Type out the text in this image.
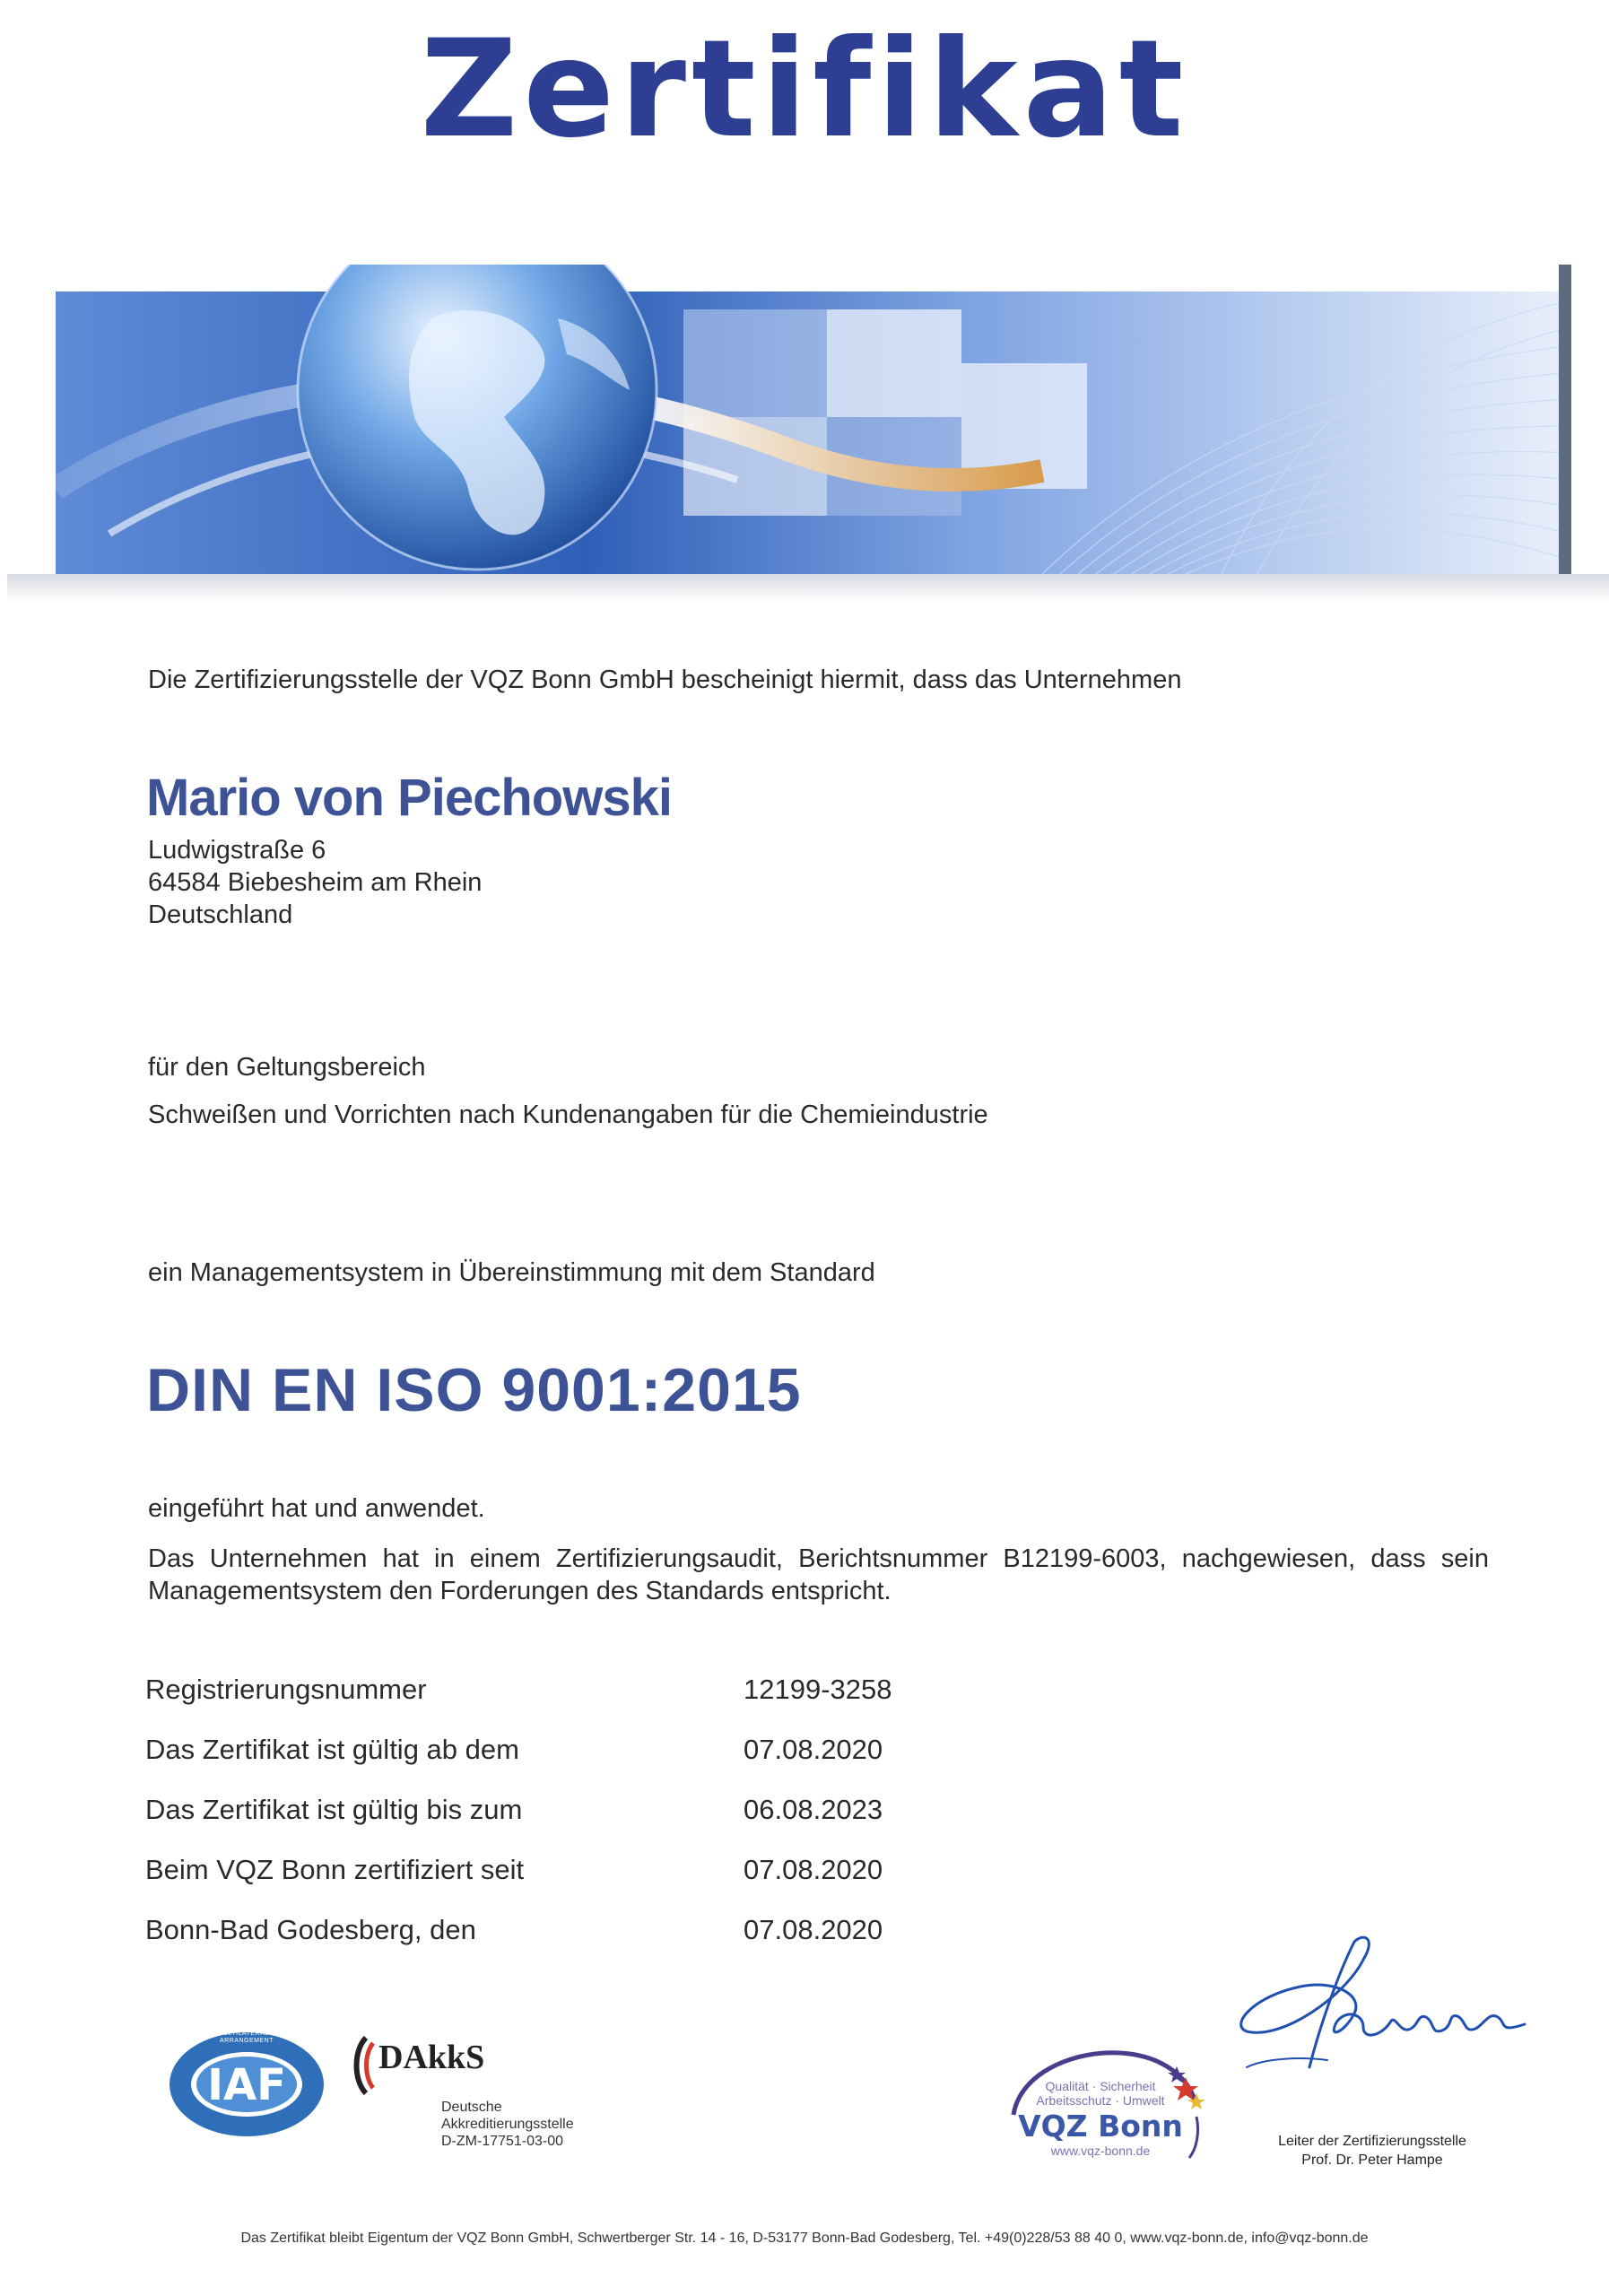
Zertifikat
Die Zertifizierungsstelle der VQZ Bonn GmbH bescheinigt hiermit, dass das Unternehmen
Mario von Piechowski
Ludwigstraße 6
64584 Biebesheim am Rhein
Deutschland
für den Geltungsbereich
Schweißen und Vorrichten nach Kundenangaben für die Chemieindustrie
ein Managementsystem in Übereinstimmung mit dem Standard
DIN EN ISO 9001:2015
eingeführt hat und anwendet.
Das Unternehmen hat in einem Zertifizierungsaudit, Berichtsnummer B12199-6003, nachgewiesen, dass sein Managementsystem den Forderungen des Standards entspricht.
Registrierungsnummer	12199-3258
Das Zertifikat ist gültig ab dem	07.08.2020
Das Zertifikat ist gültig bis zum	06.08.2023
Beim VQZ Bonn zertifiziert seit	07.08.2020
Bonn-Bad Godesberg, den	07.08.2020
IAF
MEMBER OF MULTILATERAL RECOGNITION ARRANGEMENT	DAkkS
Deutsche
Akkreditierungsstelle
D-ZM-17751-03-00
Qualität · Sicherheit
Arbeitsschutz · Umwelt
VQZ Bonn
www.vqz-bonn.de
Leiter der Zertifizierungsstelle
Prof. Dr. Peter Hampe
Das Zertifikat bleibt Eigentum der VQZ Bonn GmbH, Schwertberger Str. 14 - 16, D-53177 Bonn-Bad Godesberg, Tel. +49(0)228/53 88 40 0, www.vqz-bonn.de, info@vqz-bonn.de
